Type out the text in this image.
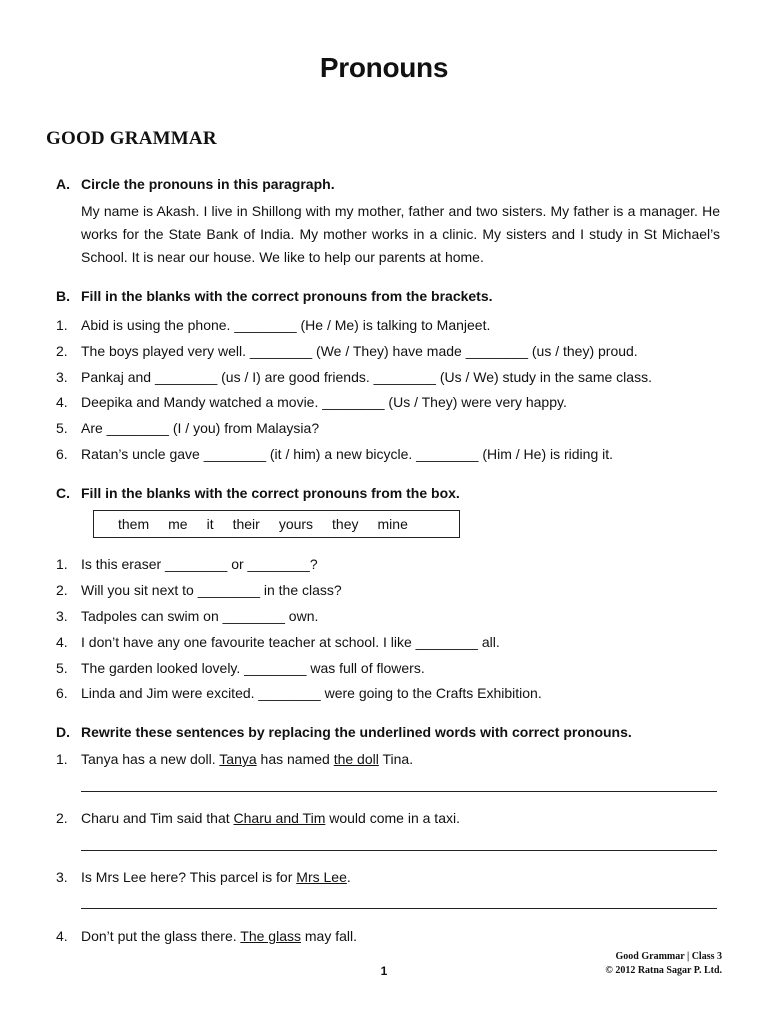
Pronouns
GOOD GRAMMAR
A. Circle the pronouns in this paragraph.
My name is Akash. I live in Shillong with my mother, father and two sisters. My father is a manager. He works for the State Bank of India. My mother works in a clinic. My sisters and I study in St Michael’s School. It is near our house. We like to help our parents at home.
B. Fill in the blanks with the correct pronouns from the brackets.
1. Abid is using the phone. ________ (He / Me) is talking to Manjeet.
2. The boys played very well. ________ (We / They) have made ________ (us / they) proud.
3. Pankaj and ________ (us / I) are good friends. ________ (Us / We) study in the same class.
4. Deepika and Mandy watched a movie. ________ (Us / They) were very happy.
5. Are ________ (I / you) from Malaysia?
6. Ratan’s uncle gave ________ (it / him) a new bicycle. ________ (Him / He) is riding it.
C. Fill in the blanks with the correct pronouns from the box.
them me it their yours they mine
1. Is this eraser ________ or ________?
2. Will you sit next to ________ in the class?
3. Tadpoles can swim on ________ own.
4. I don’t have any one favourite teacher at school. I like ________ all.
5. The garden looked lovely. ________ was full of flowers.
6. Linda and Jim were excited. ________ were going to the Crafts Exhibition.
D. Rewrite these sentences by replacing the underlined words with correct pronouns.
1. Tanya has a new doll. Tanya has named the doll Tina.
2. Charu and Tim said that Charu and Tim would come in a taxi.
3. Is Mrs Lee here? This parcel is for Mrs Lee.
4. Don’t put the glass there. The glass may fall.
1
Good Grammar | Class 3
© 2012 Ratna Sagar P. Ltd.
